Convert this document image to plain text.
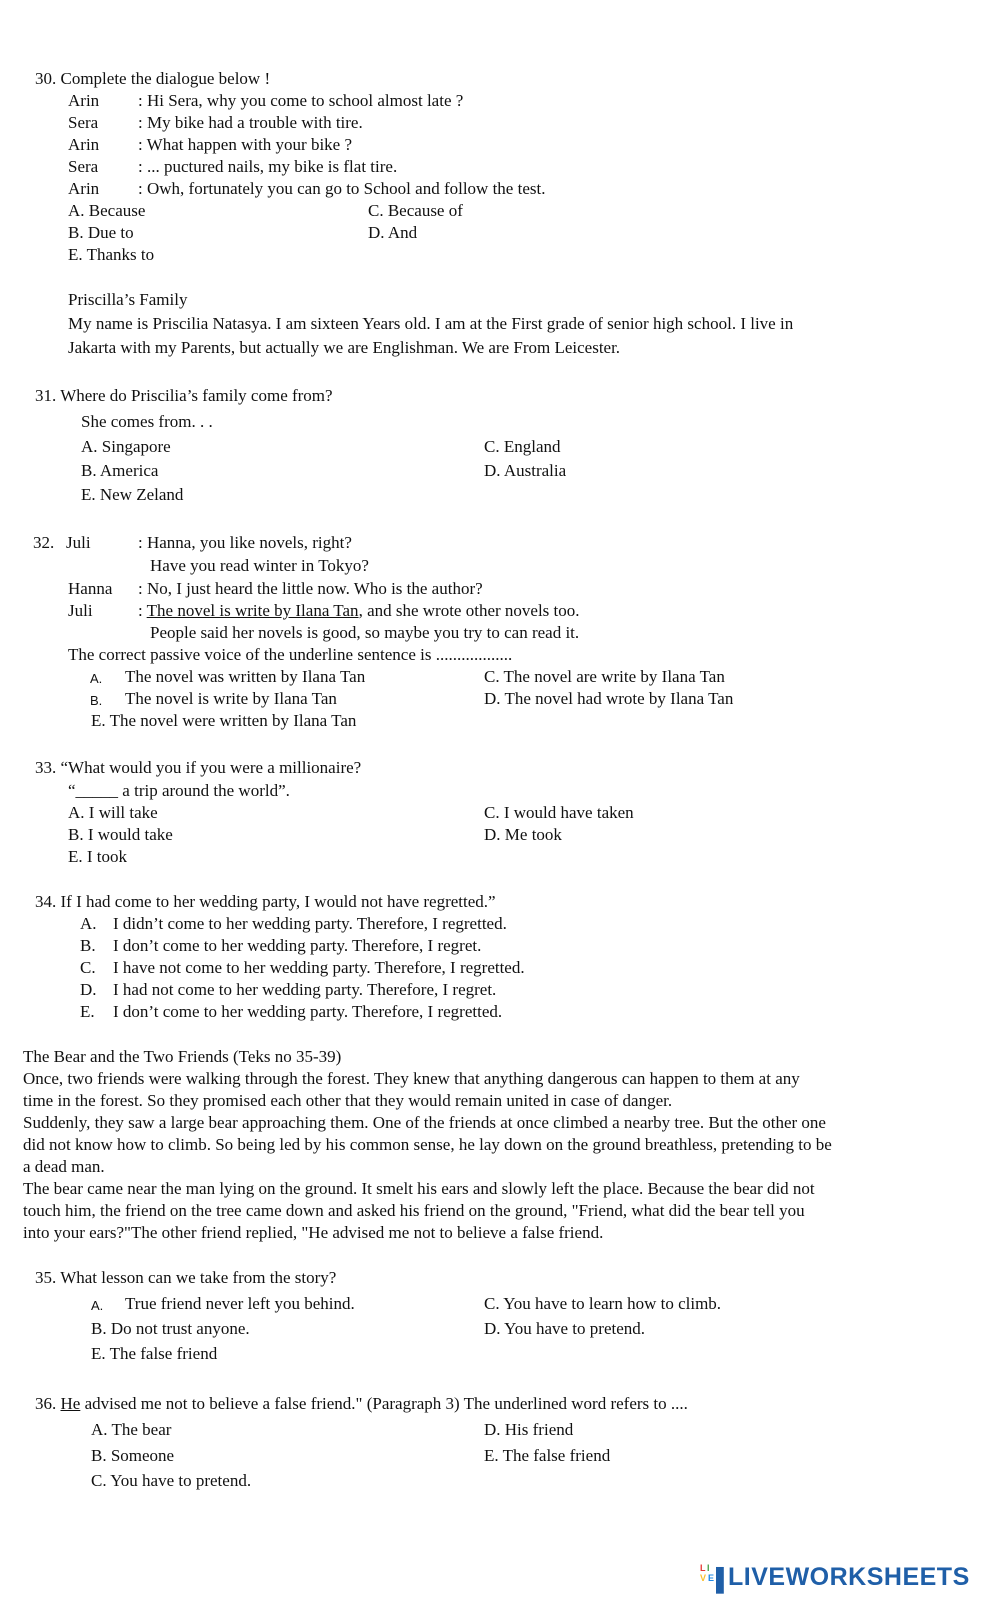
30. Complete the dialogue below !
Arin : Hi Sera, why you come to school almost late ?
Sera : My bike had a trouble with tire.
Arin : What happen with your bike ?
Sera : ... puctured nails, my bike is flat tire.
Arin : Owh, fortunately you can go to School and follow the test.
A. Because	C. Because of
B. Due to	D. And
E. Thanks to
Priscilla’s Family
My name is Priscilia Natasya. I am sixteen Years old. I am at the First grade of senior high school. I live in
Jakarta with my Parents, but actually we are Englishman. We are From Leicester.
31. Where do Priscilia’s family come from?
She comes from. . .
A. Singapore	C. England
B. America	D. Australia
E. New Zeland
32. Juli	: Hanna, you like novels, right?
Have you read winter in Tokyo?
Hanna : No, I just heard the little now. Who is the author?
Juli	: The novel is write by Ilana Tan, and she wrote other novels too.
People said her novels is good, so maybe you try to can read it.
The correct passive voice of the underline sentence is ..................
A. The novel was written by Ilana Tan	C. The novel are write by Ilana Tan
B. The novel is write by Ilana Tan	D. The novel had wrote by Ilana Tan
E. The novel were written by Ilana Tan
33. “What would you if you were a millionaire?
“_____ a trip around the world”.
A. I will take	C. I would have taken
B. I would take	D. Me took
E. I took
34. If I had come to her wedding party, I would not have regretted.”
A. I didn’t come to her wedding party. Therefore, I regretted.
B. I don’t come to her wedding party. Therefore, I regret.
C. I have not come to her wedding party. Therefore, I regretted.
D. I had not come to her wedding party. Therefore, I regret.
E. I don’t come to her wedding party. Therefore, I regretted.
The Bear and the Two Friends (Teks no 35-39)
Once, two friends were walking through the forest. They knew that anything dangerous can happen to them at any
time in the forest. So they promised each other that they would remain united in case of danger.
Suddenly, they saw a large bear approaching them. One of the friends at once climbed a nearby tree. But the other one
did not know how to climb. So being led by his common sense, he lay down on the ground breathless, pretending to be
a dead man.
The bear came near the man lying on the ground. It smelt his ears and slowly left the place. Because the bear did not
touch him, the friend on the tree came down and asked his friend on the ground, "Friend, what did the bear tell you
into your ears?"The other friend replied, "He advised me not to believe a false friend.
35. What lesson can we take from the story?
A. True friend never left you behind.	C. You have to learn how to climb.
B. Do not trust anyone.	D. You have to pretend.
E. The false friend
36. He advised me not to believe a false friend." (Paragraph 3) The underlined word refers to ....
A. The bear	D. His friend
B. Someone	E. The false friend
C. You have to pretend.
L I
V E ▌
LIVEWORKSHEETS
